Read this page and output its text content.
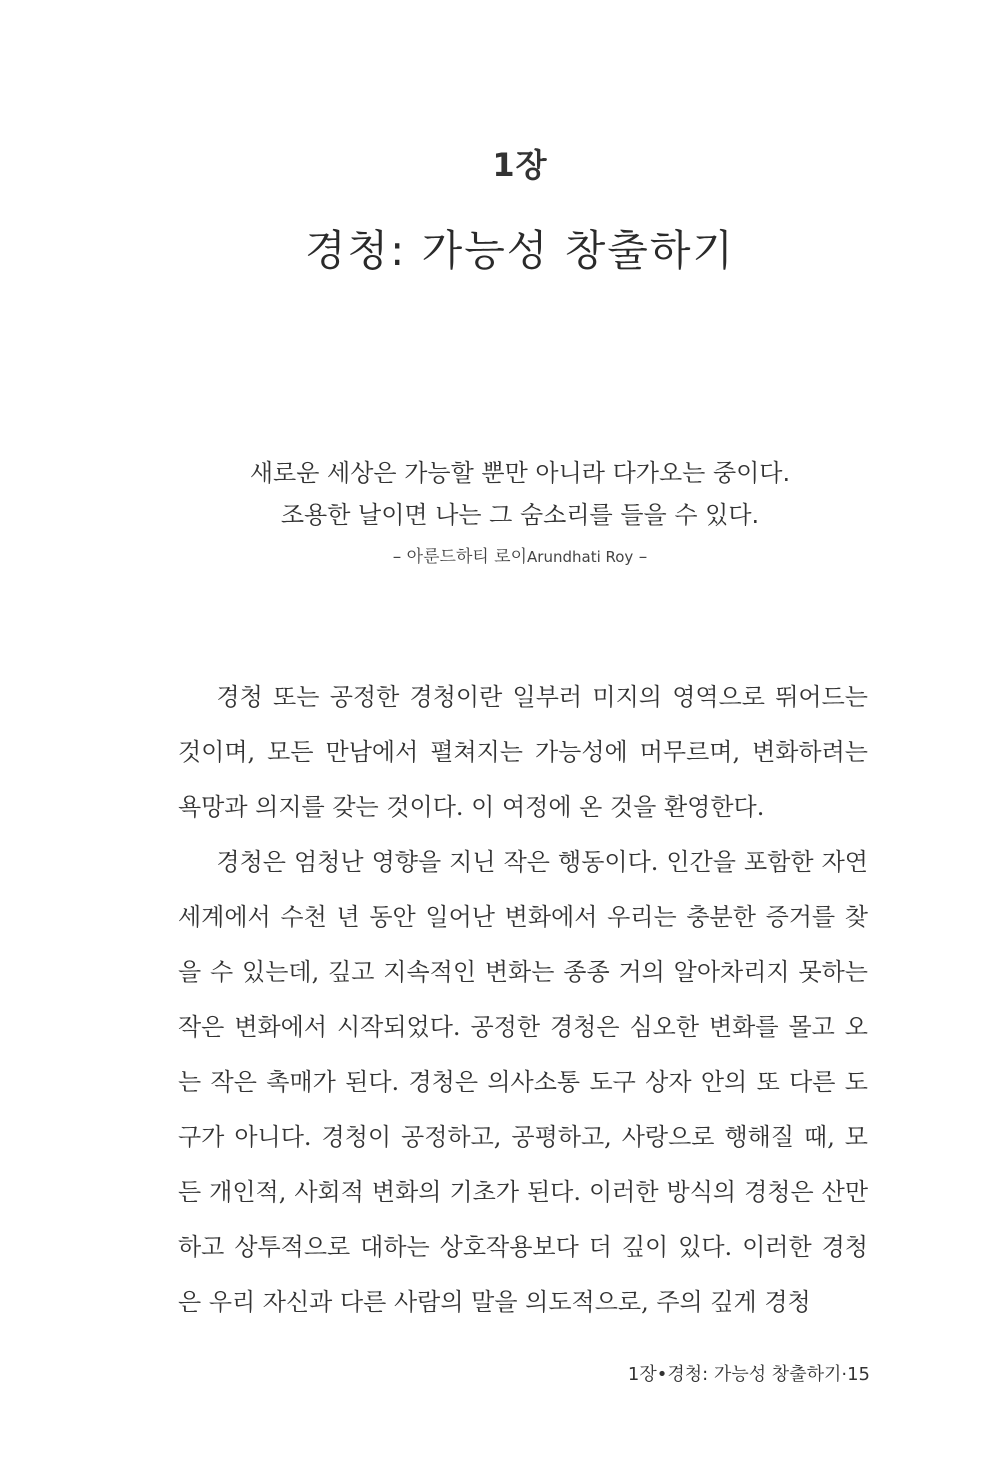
1장
경청: 가능성 창출하기
새로운 세상은 가능할 뿐만 아니라 다가오는 중이다.
조용한 날이면 나는 그 숨소리를 들을 수 있다.
– 아룬드하티 로이Arundhati Roy –

경청 또는 공정한 경청이란 일부러 미지의 영역으로 뛰어드는 것이며, 모든 만남에서 펼쳐지는 가능성에 머무르며, 변화하려는 욕망과 의지를 갖는 것이다. 이 여정에 온 것을 환영한다.

경청은 엄청난 영향을 지닌 작은 행동이다. 인간을 포함한 자연 세계에서 수천 년 동안 일어난 변화에서 우리는 충분한 증거를 찾을 수 있는데, 깊고 지속적인 변화는 종종 거의 알아차리지 못하는 작은 변화에서 시작되었다. 공정한 경청은 심오한 변화를 몰고 오는 작은 촉매가 된다. 경청은 의사소통 도구 상자 안의 또 다른 도구가 아니다. 경청이 공정하고, 공평하고, 사랑으로 행해질 때, 모든 개인적, 사회적 변화의 기초가 된다. 이러한 방식의 경청은 산만하고 상투적으로 대하는 상호작용보다 더 깊이 있다. 이러한 경청은 우리 자신과 다른 사람의 말을 의도적으로, 주의 깊게 경청

1장•경청: 가능성 창출하기·15
